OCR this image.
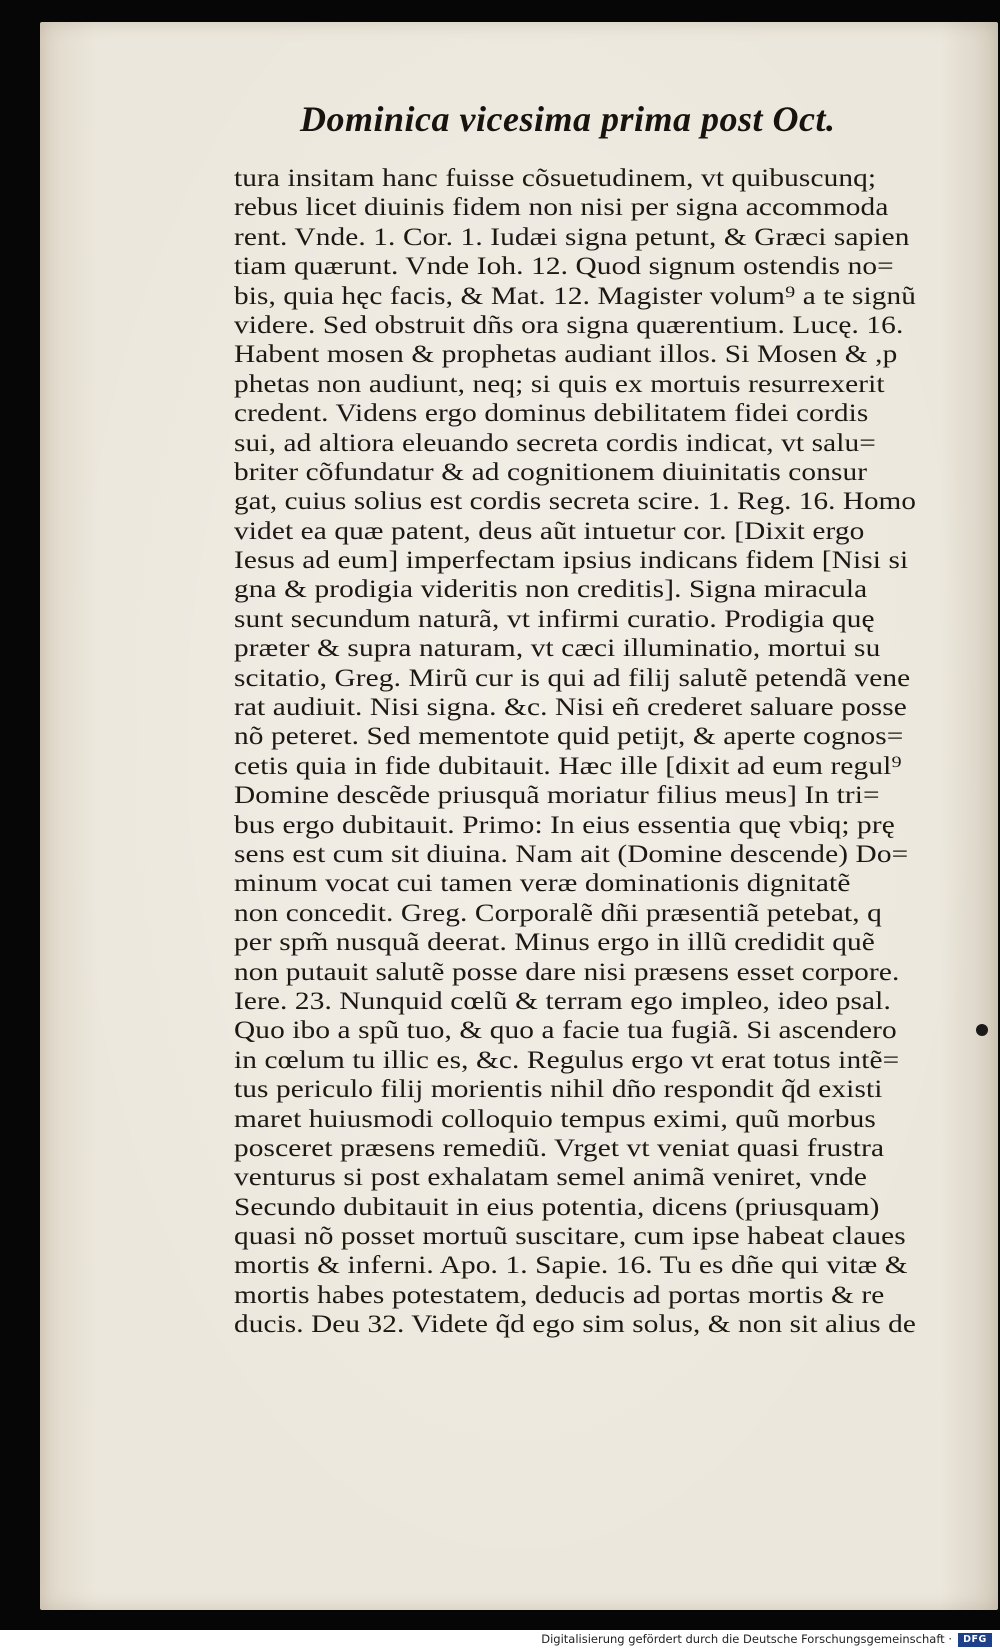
Dominica vicesima prima post Oct.
tura insitam hanc fuisse cõsuetudinem, vt quibuscunq;
rebus licet diuinis fidem non nisi per signa accommoda
rent. Vnde. 1. Cor. 1. Iudæi signa petunt, & Græci sapien
tiam quærunt. Vnde Ioh. 12. Quod signum ostendis no=
bis, quia hęc facis, & Mat. 12. Magister volum⁹ a te signũ
videre. Sed obstruit dñs ora signa quærentium. Lucę. 16.
Habent mosen & prophetas audiant illos. Si Mosen & ,p
phetas non audiunt, neq; si quis ex mortuis resurrexerit
credent. Videns ergo dominus debilitatem fidei cordis
sui, ad altiora eleuando secreta cordis indicat, vt salu=
briter cõfundatur & ad cognitionem diuinitatis consur
gat, cuius solius est cordis secreta scire. 1. Reg. 16. Homo
videt ea quæ patent, deus aũt intuetur cor. [Dixit ergo
Iesus ad eum] imperfectam ipsius indicans fidem [Nisi si
gna & prodigia videritis non creditis]. Signa miracula
sunt secundum naturã, vt infirmi curatio. Prodigia quę
præter & supra naturam, vt cæci illuminatio, mortui su
scitatio, Greg. Mirũ cur is qui ad filij salutẽ petendã vene
rat audiuit. Nisi signa. &c. Nisi eñ crederet saluare posse
nõ peteret. Sed mementote quid petijt, & aperte cognos=
cetis quia in fide dubitauit. Hæc ille [dixit ad eum regul⁹
Domine descẽde priusquã moriatur filius meus] In tri=
bus ergo dubitauit. Primo: In eius essentia quę vbiq; prę
sens est cum sit diuina. Nam ait (Domine descende) Do=
minum vocat cui tamen veræ dominationis dignitatẽ
non concedit. Greg. Corporalẽ dñi præsentiã petebat, q
per spm̃ nusquã deerat. Minus ergo in illũ credidit quẽ
non putauit salutẽ posse dare nisi præsens esset corpore.
Iere. 23. Nunquid cœlũ & terram ego impleo, ideo psal.
Quo ibo a spũ tuo, & quo a facie tua fugiã. Si ascendero
in cœlum tu illic es, &c. Regulus ergo vt erat totus intẽ=
tus periculo filij morientis nihil dño respondit q̃d existi
maret huiusmodi colloquio tempus eximi, quũ morbus
posceret præsens remediũ. Vrget vt veniat quasi frustra
venturus si post exhalatam semel animã veniret, vnde
Secundo dubitauit in eius potentia, dicens (priusquam)
quasi nõ posset mortuũ suscitare, cum ipse habeat claues
mortis & inferni. Apo. 1. Sapie. 16. Tu es dñe qui vitæ &
mortis habes potestatem, deducis ad portas mortis & re
ducis. Deu 32. Videte q̃d ego sim solus, & non sit alius de
Digitalisierung gefördert durch die Deutsche Forschungsgemeinschaft ·	DFG
